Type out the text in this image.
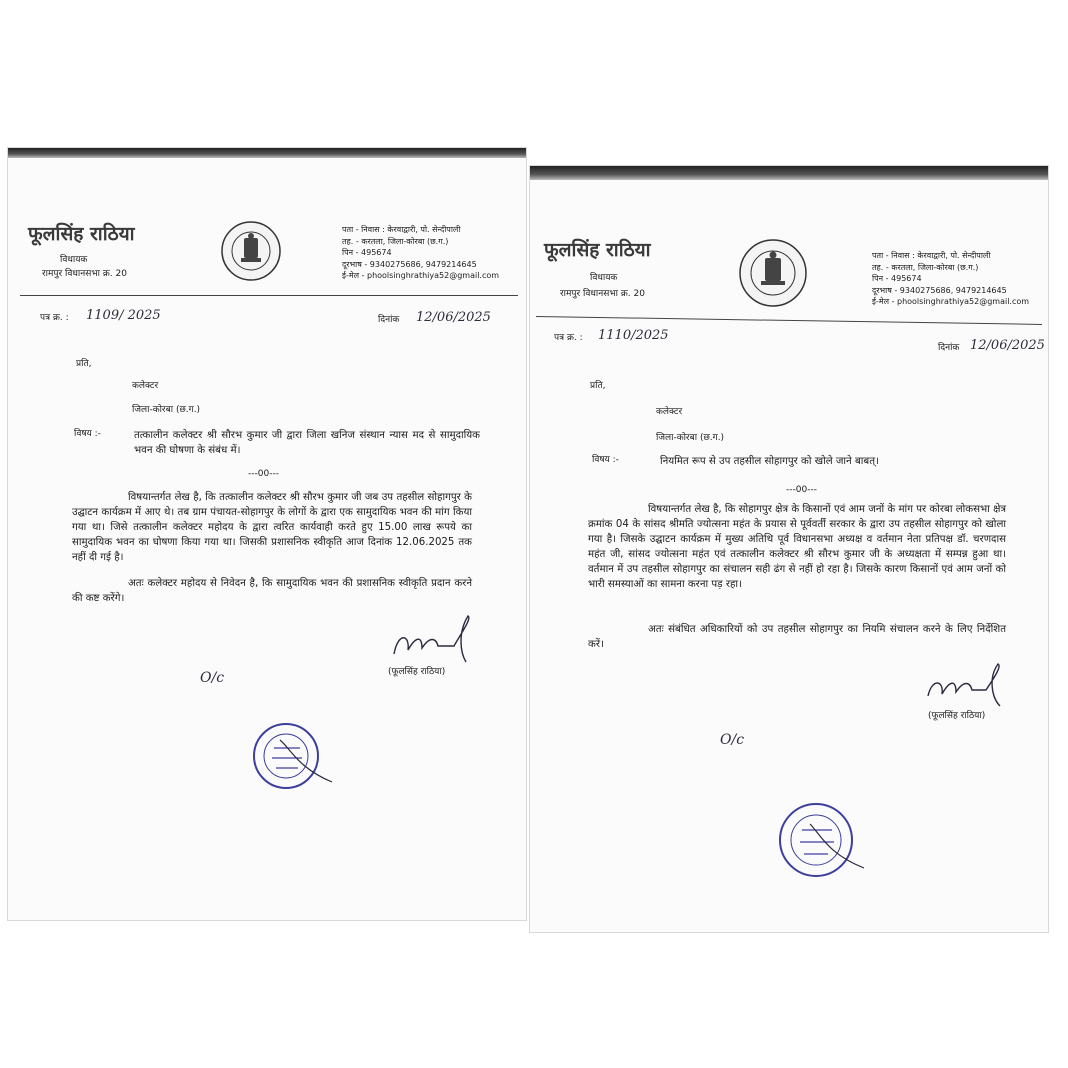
फूलसिंह राठिया
विधायक
रामपुर विधानसभा क्र. 20
पता - निवास : केरवाद्वारी, पो. सेन्दीपाली
तह. - करतला, जिला-कोरबा (छ.ग.)
पिन - 495674
दूरभाष - 9340275686, 9479214645
ई-मेल - phoolsinghrathiya52@gmail.com
पत्र क्र. : 1109/ 2025	दिनांक 12/06/2025
प्रति,
कलेक्टर
जिला-कोरबा (छ.ग.)
विषय :-	तत्कालीन कलेक्टर श्री सौरभ कुमार जी द्वारा जिला खनिज संस्थान न्यास मद से सामुदायिक भवन की घोषणा के संबंध में।
---00---
विषयान्तर्गत लेख है, कि तत्कालीन कलेक्टर श्री सौरभ कुमार जी जब उप तहसील सोहागपुर के उद्घाटन कार्यक्रम में आए थे। तब ग्राम पंचायत-सोहागपुर के लोगों के द्वारा एक सामुदायिक भवन की मांग किया गया था। जिसे तत्कालीन कलेक्टर महोदय के द्वारा त्वरित कार्यवाही करते हुए 15.00 लाख रूपये का सामुदायिक भवन का घोषणा किया गया था। जिसकी प्रशासनिक स्वीकृति आज दिनांक 12.06.2025 तक नहीं दी गई है।
अतः कलेक्टर महोदय से निवेदन है, कि सामुदायिक भवन की प्रशासनिक स्वीकृति प्रदान करने की कष्ट करेंगे।
(फूलसिंह राठिया)
O/c
फूलसिंह राठिया
विधायक
रामपुर विधानसभा क्र. 20
पता - निवास : केरवाद्वारी, पो. सेन्दीपाली
तह. - करतला, जिला-कोरबा (छ.ग.)
पिन - 495674
दूरभाष - 9340275686, 9479214645
ई-मेल - phoolsinghrathiya52@gmail.com
पत्र क्र. : 1110/2025
दिनांक 12/06/2025
प्रति,
कलेक्टर
जिला-कोरबा (छ.ग.)
विषय :-	नियमित रूप से उप तहसील सोहागपुर को खोले जाने बाबत्।
---00---
विषयान्तर्गत लेख है, कि सोहागपुर क्षेत्र के किसानों एवं आम जनों के मांग पर कोरबा लोकसभा क्षेत्र क्रमांक 04 के सांसद श्रीमति ज्योत्सना महंत के प्रयास से पूर्ववर्ती सरकार के द्वारा उप तहसील सोहागपुर को खोला गया है। जिसके उद्घाटन कार्यक्रम में मुख्य अतिथि पूर्व विधानसभा अध्यक्ष व वर्तमान नेता प्रतिपक्ष डॉ. चरणदास महंत जी, सांसद ज्योत्सना महंत एवं तत्कालीन कलेक्टर श्री सौरभ कुमार जी के अध्यक्षता में सम्पन्न हुआ था। वर्तमान में उप तहसील सोहागपुर का संचालन सही ढंग से नहीं हो रहा है। जिसके कारण किसानों एवं आम जनों को भारी समस्याओं का सामना करना पड़ रहा।
अतः संबंधित अधिकारियों को उप तहसील सोहागपुर का नियमि संचालन करने के लिए निर्देशित करें।
(फूलसिंह राठिया)
O/c
